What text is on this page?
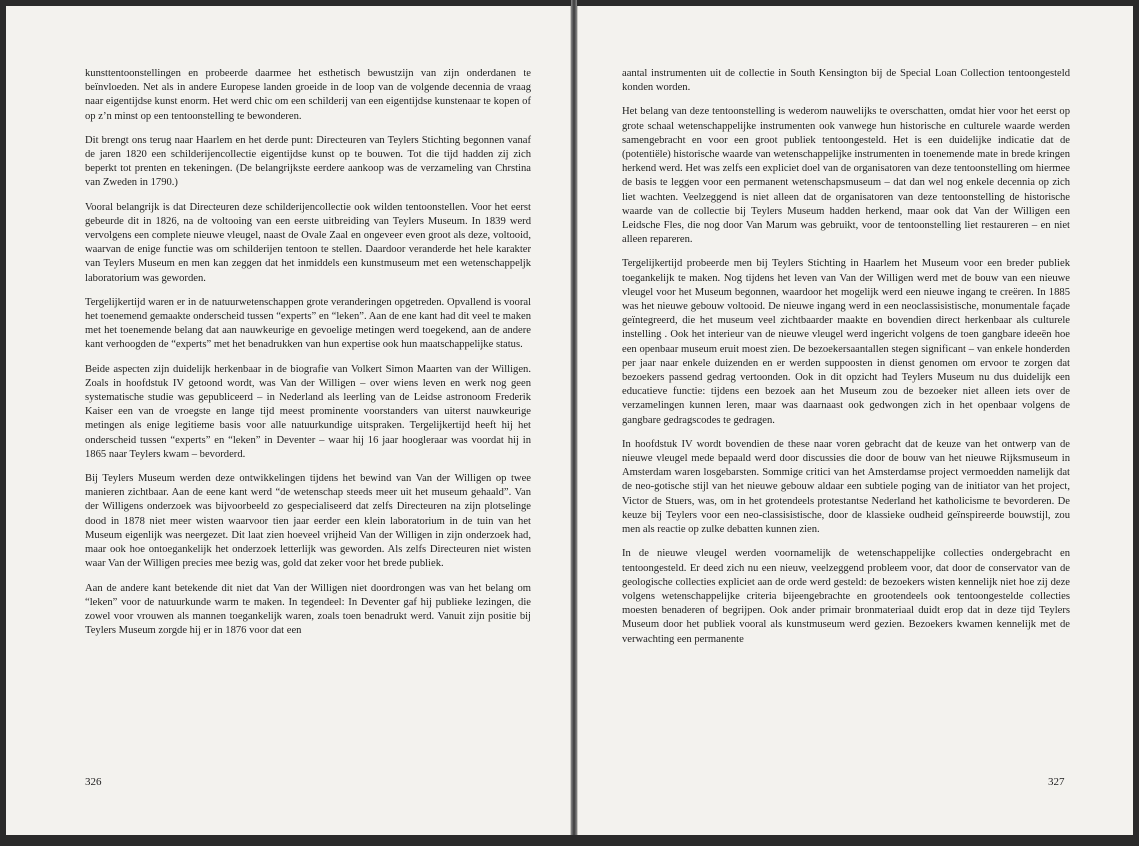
kunsttentoonstellingen en probeerde daarmee het esthetisch bewustzijn van zijn onderdanen te beïnvloeden. Net als in andere Europese landen groeide in de loop van de volgende decennia de vraag naar eigentijdse kunst enorm. Het werd chic om een schilderij van een eigentijdse kunstenaar te kopen of op z’n minst op een tentoonstelling te bewonderen.

Dit brengt ons terug naar Haarlem en het derde punt: Directeuren van Teylers Stichting begonnen vanaf de jaren 1820 een schilderijencollectie eigentijdse kunst op te bouwen. Tot die tijd hadden zij zich beperkt tot prenten en tekeningen. (De belangrijkste eerdere aankoop was de verzameling van Chrstina van Zweden in 1790.)

Vooral belangrijk is dat Directeuren deze schilderijencollectie ook wilden tentoonstellen. Voor het eerst gebeurde dit in 1826, na de voltooing van een eerste uitbreiding van Teylers Museum. In 1839 werd vervolgens een complete nieuwe vleugel, naast de Ovale Zaal en ongeveer even groot als deze, voltooid, waarvan de enige functie was om schilderijen tentoon te stellen. Daardoor veranderde het hele karakter van Teylers Museum en men kan zeggen dat het inmiddels een kunstmuseum met een wetenschappeljk laboratorium was geworden.

Tergelijkertijd waren er in de natuurwetenschappen grote veranderingen opgetreden. Opvallend is vooral het toenemend gemaakte onderscheid tussen “experts” en “leken”. Aan de ene kant had dit veel te maken met het toenemende belang dat aan nauwkeurige en gevoelige metingen werd toegekend, aan de andere kant verhoogden de “experts” met het benadrukken van hun expertise ook hun maatschappelijke status.

Beide aspecten zijn duidelijk herkenbaar in de biografie van Volkert Simon Maarten van der Willigen. Zoals in hoofdstuk IV getoond wordt, was Van der Willigen – over wiens leven en werk nog geen systematische studie was gepubliceerd – in Nederland als leerling van de Leidse astronoom Frederik Kaiser een van de vroegste en lange tijd meest prominente voorstanders van uiterst nauwkeurige metingen als enige legitieme basis voor alle natuurkundige uitspraken. Tergelijkertijd heeft hij het onderscheid tussen “experts” en “leken” in Deventer – waar hij 16 jaar hoogleraar was voordat hij in 1865 naar Teylers kwam – bevorderd.

Bij Teylers Museum werden deze ontwikkelingen tijdens het bewind van Van der Willigen op twee manieren zichtbaar. Aan de eene kant werd “de wetenschap steeds meer uit het museum gehaald”. Van der Willigens onderzoek was bijvoorbeeld zo gespecialiseerd dat zelfs Directeuren na zijn plotselinge dood in 1878 niet meer wisten waarvoor tien jaar eerder een klein laboratorium in de tuin van het Museum eigenlijk was neergezet. Dit laat zien hoeveel vrijheid Van der Willigen in zijn onderzoek had, maar ook hoe ontoegankelijk het onderzoek letterlijk was geworden. Als zelfs Directeuren niet wisten waar Van der Willigen precies mee bezig was, gold dat zeker voor het brede publiek.

Aan de andere kant betekende dit niet dat Van der Willigen niet doordrongen was van het belang om “leken” voor de natuurkunde warm te maken. In tegendeel: In Deventer gaf hij publieke lezingen, die zowel voor vrouwen als mannen toegankelijk waren, zoals toen benadrukt werd. Vanuit zijn positie bij Teylers Museum zorgde hij er in 1876 voor dat een

326

aantal instrumenten uit de collectie in South Kensington bij de Special Loan Collection tentoongesteld konden worden.

Het belang van deze tentoonstelling is wederom nauwelijks te overschatten, omdat hier voor het eerst op grote schaal wetenschappelijke instrumenten ook vanwege hun historische en culturele waarde werden samengebracht en voor een groot publiek tentoongesteld. Het is een duidelijke indicatie dat de (potentiële) historische waarde van wetenschappelijke instrumenten in toenemende mate in brede kringen herkend werd. Het was zelfs een expliciet doel van de organisatoren van deze tentoonstelling om hiermee de basis te leggen voor een permanent wetenschapsmuseum – dat dan wel nog enkele decennia op zich liet wachten. Veelzeggend is niet alleen dat de organisatoren van deze tentoonstelling de historische waarde van de collectie bij Teylers Museum hadden herkend, maar ook dat Van der Willigen een Leidsche Fles, die nog door Van Marum was gebruikt, voor de tentoonstelling liet restaureren – en niet alleen repareren.

Tergelijkertijd probeerde men bij Teylers Stichting in Haarlem het Museum voor een breder publiek toegankelijk te maken. Nog tijdens het leven van Van der Willigen werd met de bouw van een nieuwe vleugel voor het Museum begonnen, waardoor het mogelijk werd een nieuwe ingang te creëren. In 1885 was het nieuwe gebouw voltooid. De nieuwe ingang werd in een neoclassisistische, monumentale façade geïntegreerd, die het museum veel zichtbaarder maakte en bovendien direct herkenbaar als culturele instelling . Ook het interieur van de nieuwe vleugel werd ingericht volgens de toen gangbare ideeën hoe een openbaar museum eruit moest zien. De bezoekersaantallen stegen significant – van enkele honderden per jaar naar enkele duizenden en er werden suppoosten in dienst genomen om ervoor te zorgen dat bezoekers passend gedrag vertoonden. Ook in dit opzicht had Teylers Museum nu dus duidelijk een educatieve functie: tijdens een bezoek aan het Museum zou de bezoeker niet alleen iets over de verzamelingen kunnen leren, maar was daarnaast ook gedwongen zich in het openbaar volgens de gangbare gedragscodes te gedragen.

In hoofdstuk IV wordt bovendien de these naar voren gebracht dat de keuze van het ontwerp van de nieuwe vleugel mede bepaald werd door discussies die door de bouw van het nieuwe Rijksmuseum in Amsterdam waren losgebarsten. Sommige critici van het Amsterdamse project vermoedden namelijk dat de neo-gotische stijl van het nieuwe gebouw aldaar een subtiele poging van de initiator van het project, Victor de Stuers, was, om in het grotendeels protestantse Nederland het katholicisme te bevorderen. De keuze bij Teylers voor een neo-classisistische, door de klassieke oudheid geïnspireerde bouwstijl, zou men als reactie op zulke debatten kunnen zien.

In de nieuwe vleugel werden voornamelijk de wetenschappelijke collecties ondergebracht en tentoongesteld. Er deed zich nu een nieuw, veelzeggend probleem voor, dat door de conservator van de geologische collecties expliciet aan de orde werd gesteld: de bezoekers wisten kennelijk niet hoe zij deze volgens wetenschappelijke criteria bijeengebrachte en grootendeels ook tentoongestelde collecties moesten benaderen of begrijpen. Ook ander primair bronmateriaal duidt erop dat in deze tijd Teylers Museum door het publiek vooral als kunstmuseum werd gezien. Bezoekers kwamen kennelijk met de verwachting een permanente

327
